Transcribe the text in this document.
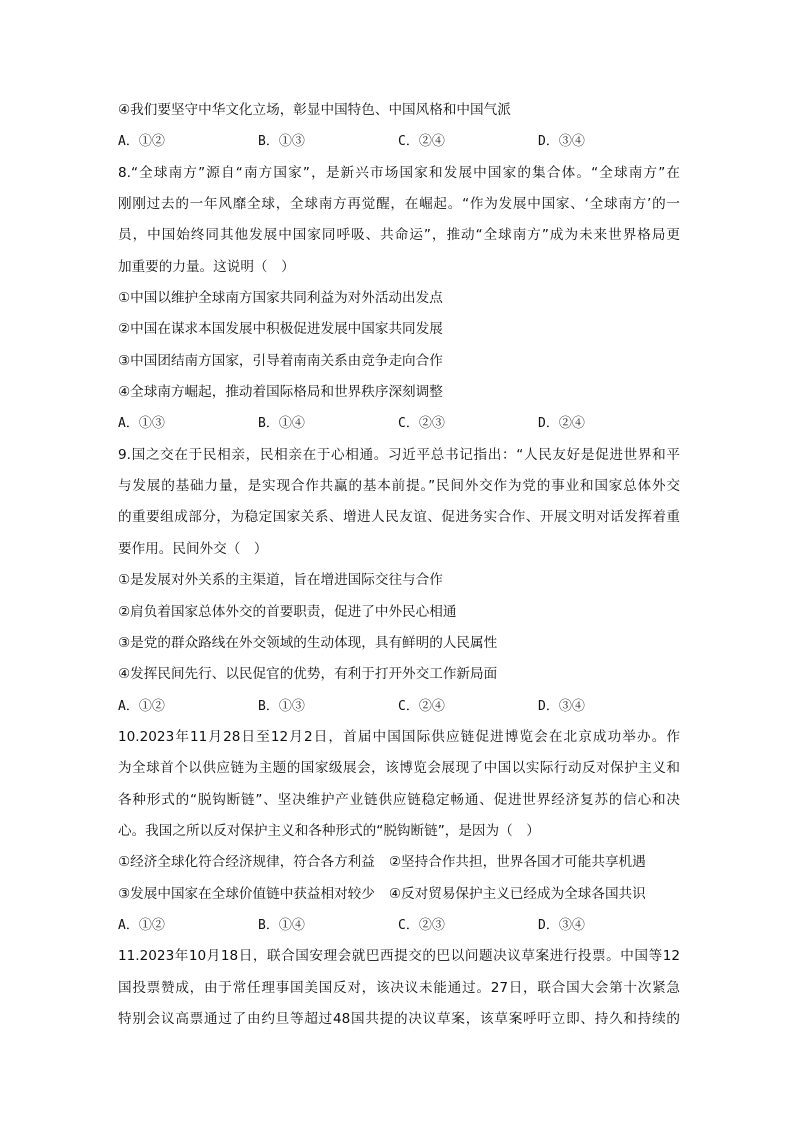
④我们要坚守中华文化立场，彰显中国特色、中国风格和中国气派
A．①②	B．①③	C．②④	D．③④
8.“全球南方”源自“南方国家”，是新兴市场国家和发展中国家的集合体。“全球南方”在
刚刚过去的一年风靡全球，全球南方再觉醒，在崛起。“作为发展中国家、‘全球南方’的一
员，中国始终同其他发展中国家同呼吸、共命运”，推动“全球南方”成为未来世界格局更
加重要的力量。这说明（　）
①中国以维护全球南方国家共同利益为对外活动出发点
②中国在谋求本国发展中积极促进发展中国家共同发展
③中国团结南方国家，引导着南南关系由竞争走向合作
④全球南方崛起，推动着国际格局和世界秩序深刻调整
A．①③	B．①④	C．②③	D．②④
9.国之交在于民相亲，民相亲在于心相通。习近平总书记指出：“人民友好是促进世界和平
与发展的基础力量，是实现合作共赢的基本前提。”民间外交作为党的事业和国家总体外交
的重要组成部分，为稳定国家关系、增进人民友谊、促进务实合作、开展文明对话发挥着重
要作用。民间外交（　）
①是发展对外关系的主渠道，旨在增进国际交往与合作
②肩负着国家总体外交的首要职责，促进了中外民心相通
③是党的群众路线在外交领域的生动体现，具有鲜明的人民属性
④发挥民间先行、以民促官的优势，有利于打开外交工作新局面
A．①②	B．①③	C．②④	D．③④
10.2023年11月28日至12月2日，首届中国国际供应链促进博览会在北京成功举办。作
为全球首个以供应链为主题的国家级展会，该博览会展现了中国以实际行动反对保护主义和
各种形式的“脱钩断链”、坚决维护产业链供应链稳定畅通、促进世界经济复苏的信心和决
心。我国之所以反对保护主义和各种形式的“脱钩断链”，是因为（　）
①经济全球化符合经济规律，符合各方利益 ②坚持合作共担，世界各国才可能共享机遇
③发展中国家在全球价值链中获益相对较少 ④反对贸易保护主义已经成为全球各国共识
A．①②	B．①④	C．②③	D．③④
11.2023年10月18日，联合国安理会就巴西提交的巴以问题决议草案进行投票。中国等12
国投票赞成，由于常任理事国美国反对，该决议未能通过。27日，联合国大会第十次紧急
特别会议高票通过了由约旦等超过48国共提的决议草案，该草案呼吁立即、持久和持续的
